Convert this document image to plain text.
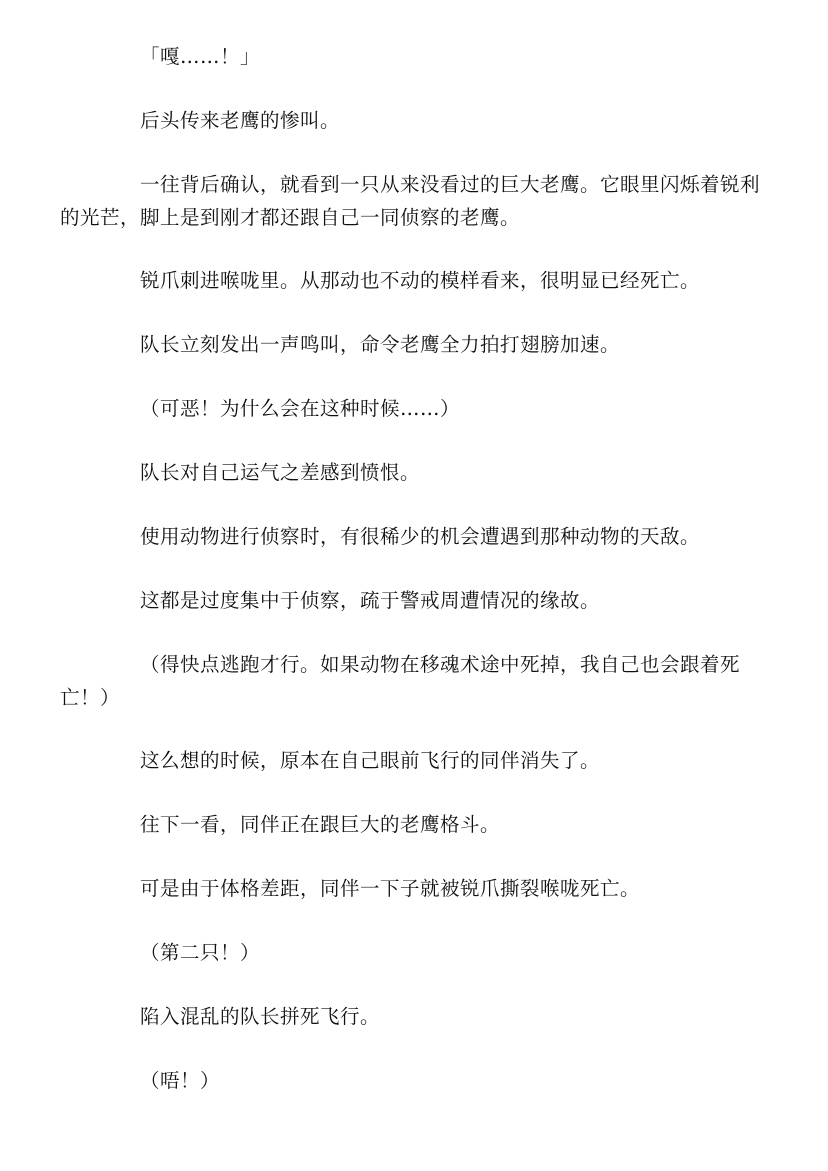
「嘎……！」

后头传来老鹰的惨叫。

一往背后确认，就看到一只从来没看过的巨大老鹰。它眼里闪烁着锐利的光芒，脚上是到刚才都还跟自己一同侦察的老鹰。

锐爪刺进喉咙里。从那动也不动的模样看来，很明显已经死亡。

队长立刻发出一声鸣叫，命令老鹰全力拍打翅膀加速。

（可恶！为什么会在这种时候……）

队长对自己运气之差感到愤恨。

使用动物进行侦察时，有很稀少的机会遭遇到那种动物的天敌。

这都是过度集中于侦察，疏于警戒周遭情况的缘故。

（得快点逃跑才行。如果动物在移魂术途中死掉，我自己也会跟着死亡！）

这么想的时候，原本在自己眼前飞行的同伴消失了。

往下一看，同伴正在跟巨大的老鹰格斗。

可是由于体格差距，同伴一下子就被锐爪撕裂喉咙死亡。

（第二只！）

陷入混乱的队长拼死飞行。

（唔！）
